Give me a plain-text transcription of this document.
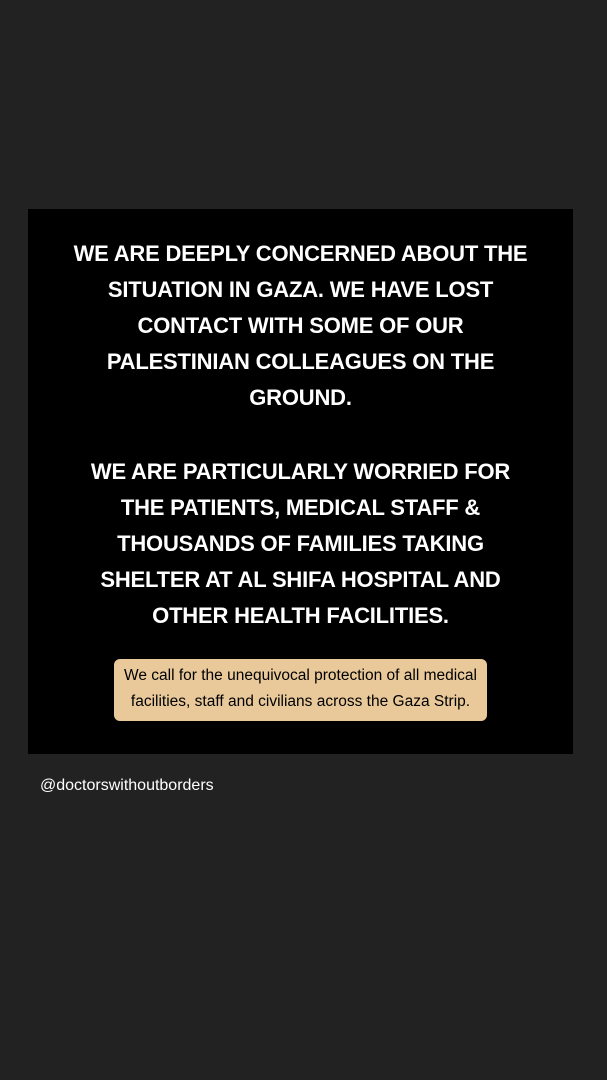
WE ARE DEEPLY CONCERNED ABOUT THE
SITUATION IN GAZA. WE HAVE LOST
CONTACT WITH SOME OF OUR
PALESTINIAN COLLEAGUES ON THE
GROUND.
WE ARE PARTICULARLY WORRIED FOR
THE PATIENTS, MEDICAL STAFF &
THOUSANDS OF FAMILIES TAKING
SHELTER AT AL SHIFA HOSPITAL AND
OTHER HEALTH FACILITIES.
We call for the unequivocal protection of all medical
facilities, staff and civilians across the Gaza Strip.
@doctorswithoutborders
